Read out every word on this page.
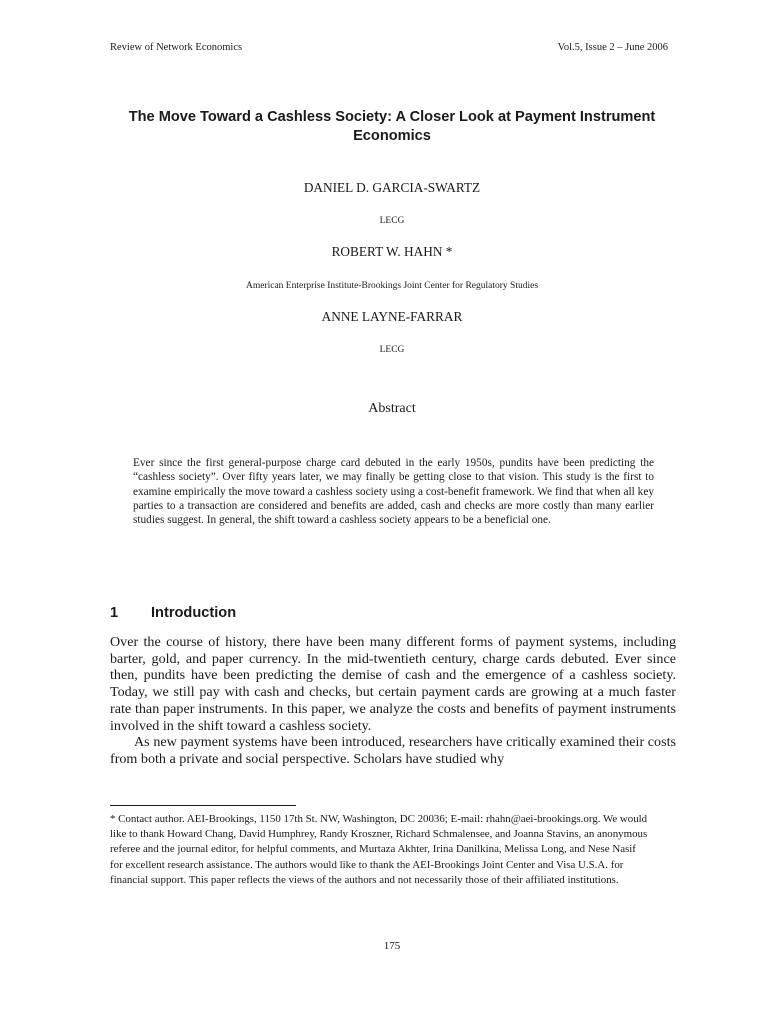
Review of Network Economics	Vol.5, Issue 2 – June 2006
The Move Toward a Cashless Society: A Closer Look at Payment Instrument Economics
DANIEL D. GARCIA-SWARTZ
LECG
ROBERT W. HAHN *
American Enterprise Institute-Brookings Joint Center for Regulatory Studies
ANNE LAYNE-FARRAR
LECG
Abstract

Ever since the first general-purpose charge card debuted in the early 1950s, pundits have been predicting the “cashless society”. Over fifty years later, we may finally be getting close to that vision. This study is the first to examine empirically the move toward a cashless society using a cost-benefit framework. We find that when all key parties to a transaction are considered and benefits are added, cash and checks are more costly than many earlier studies suggest. In general, the shift toward a cashless society appears to be a beneficial one.

1 Introduction

Over the course of history, there have been many different forms of payment systems, including barter, gold, and paper currency. In the mid-twentieth century, charge cards debuted. Ever since then, pundits have been predicting the demise of cash and the emergence of a cashless society. Today, we still pay with cash and checks, but certain payment cards are growing at a much faster rate than paper instruments. In this paper, we analyze the costs and benefits of payment instruments involved in the shift toward a cashless society.

As new payment systems have been introduced, researchers have critically examined their costs from both a private and social perspective. Scholars have studied why

* Contact author. AEI-Brookings, 1150 17th St. NW, Washington, DC 20036; E-mail: rhahn@aei-brookings.org. We would like to thank Howard Chang, David Humphrey, Randy Kroszner, Richard Schmalensee, and Joanna Stavins, an anonymous referee and the journal editor, for helpful comments, and Murtaza Akhter, Irina Danilkina, Melissa Long, and Nese Nasif for excellent research assistance. The authors would like to thank the AEI-Brookings Joint Center and Visa U.S.A. for financial support. This paper reflects the views of the authors and not necessarily those of their affiliated institutions.

175
